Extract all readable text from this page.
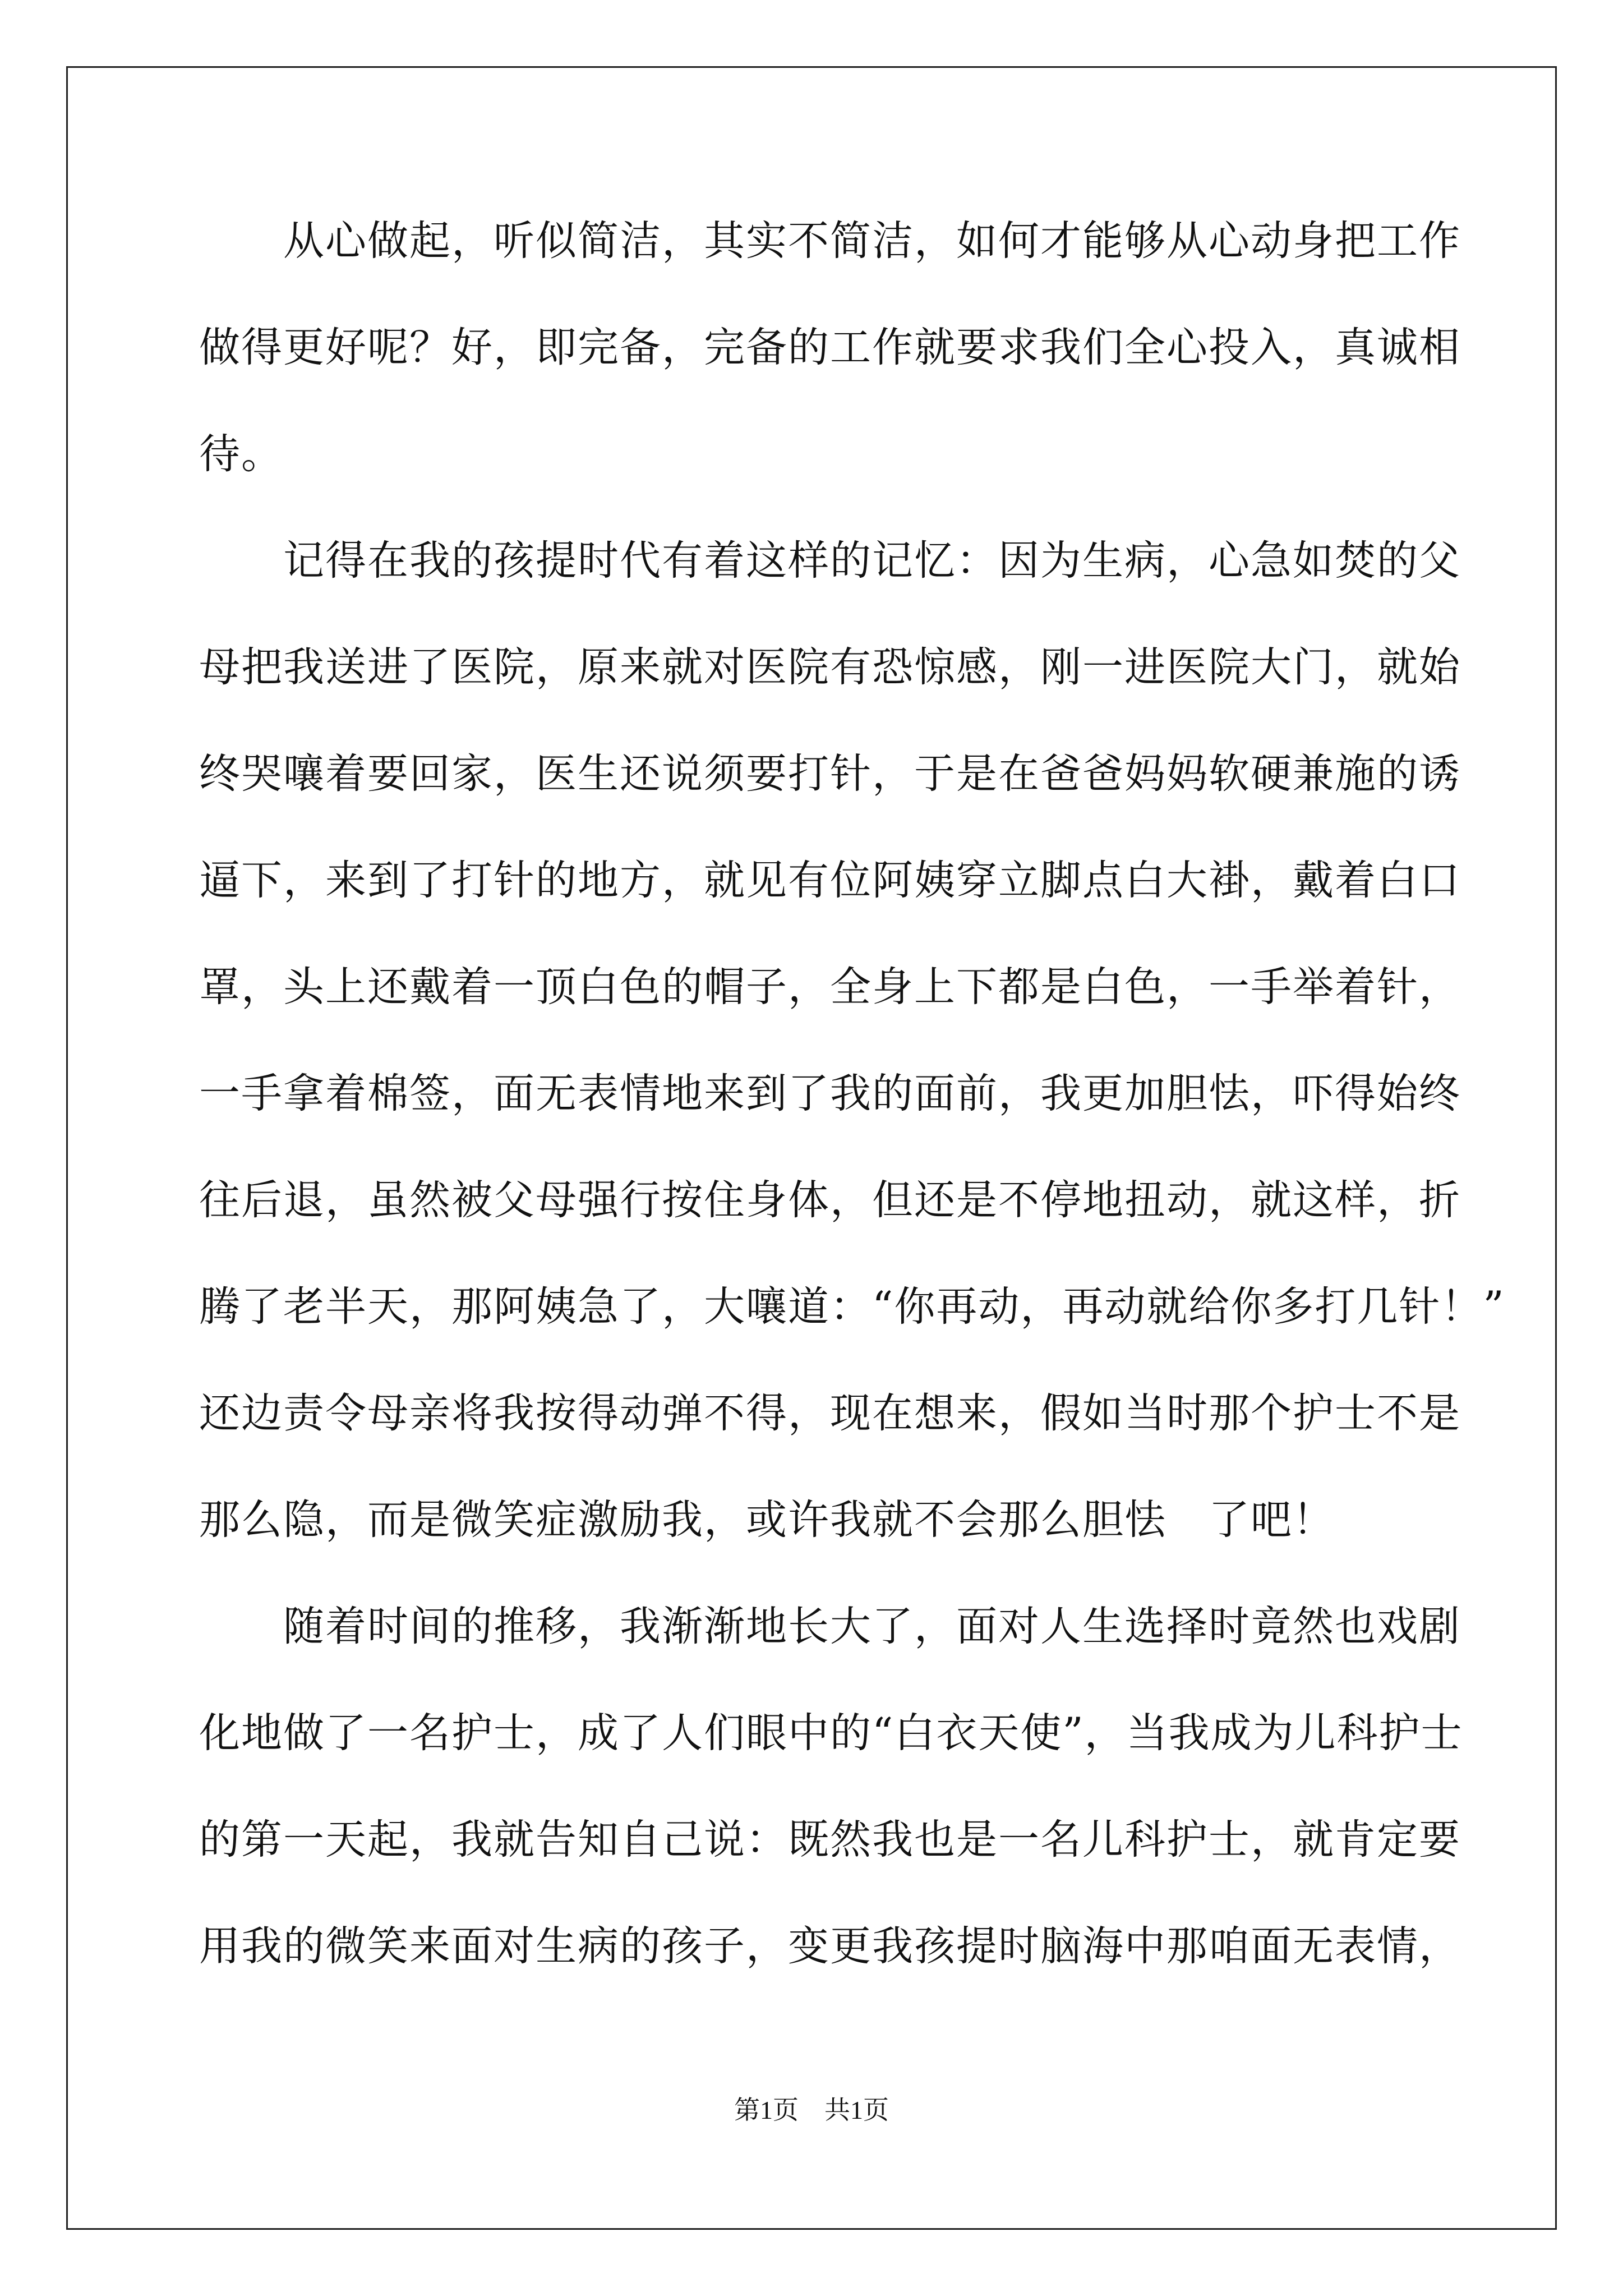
　　从心做起，听似简洁，其实不简洁，如何才能够从心动身把工作
做得更好呢？好，即完备，完备的工作就要求我们全心投入，真诚相
待。
　　记得在我的孩提时代有着这样的记忆：因为生病，心急如焚的父
母把我送进了医院，原来就对医院有恐惊感，刚一进医院大门，就始
终哭嚷着要回家，医生还说须要打针，于是在爸爸妈妈软硬兼施的诱
逼下，来到了打针的地方，就见有位阿姨穿立脚点白大褂，戴着白口
罩，头上还戴着一顶白色的帽子，全身上下都是白色，一手举着针，
一手拿着棉签，面无表情地来到了我的面前，我更加胆怯，吓得始终
往后退，虽然被父母强行按住身体，但还是不停地扭动，就这样，折
腾了老半天，那阿姨急了，大嚷道：“你再动，再动就给你多打几针！”
还边责令母亲将我按得动弹不得，现在想来，假如当时那个护士不是
那么隐，而是微笑症激励我，或许我就不会那么胆怯　了吧！
　　随着时间的推移，我渐渐地长大了，面对人生选择时竟然也戏剧
化地做了一名护士，成了人们眼中的“白衣天使”，当我成为儿科护士
的第一天起，我就告知自己说：既然我也是一名儿科护士，就肯定要
用我的微笑来面对生病的孩子，变更我孩提时脑海中那咱面无表情，
第1页　共1页
